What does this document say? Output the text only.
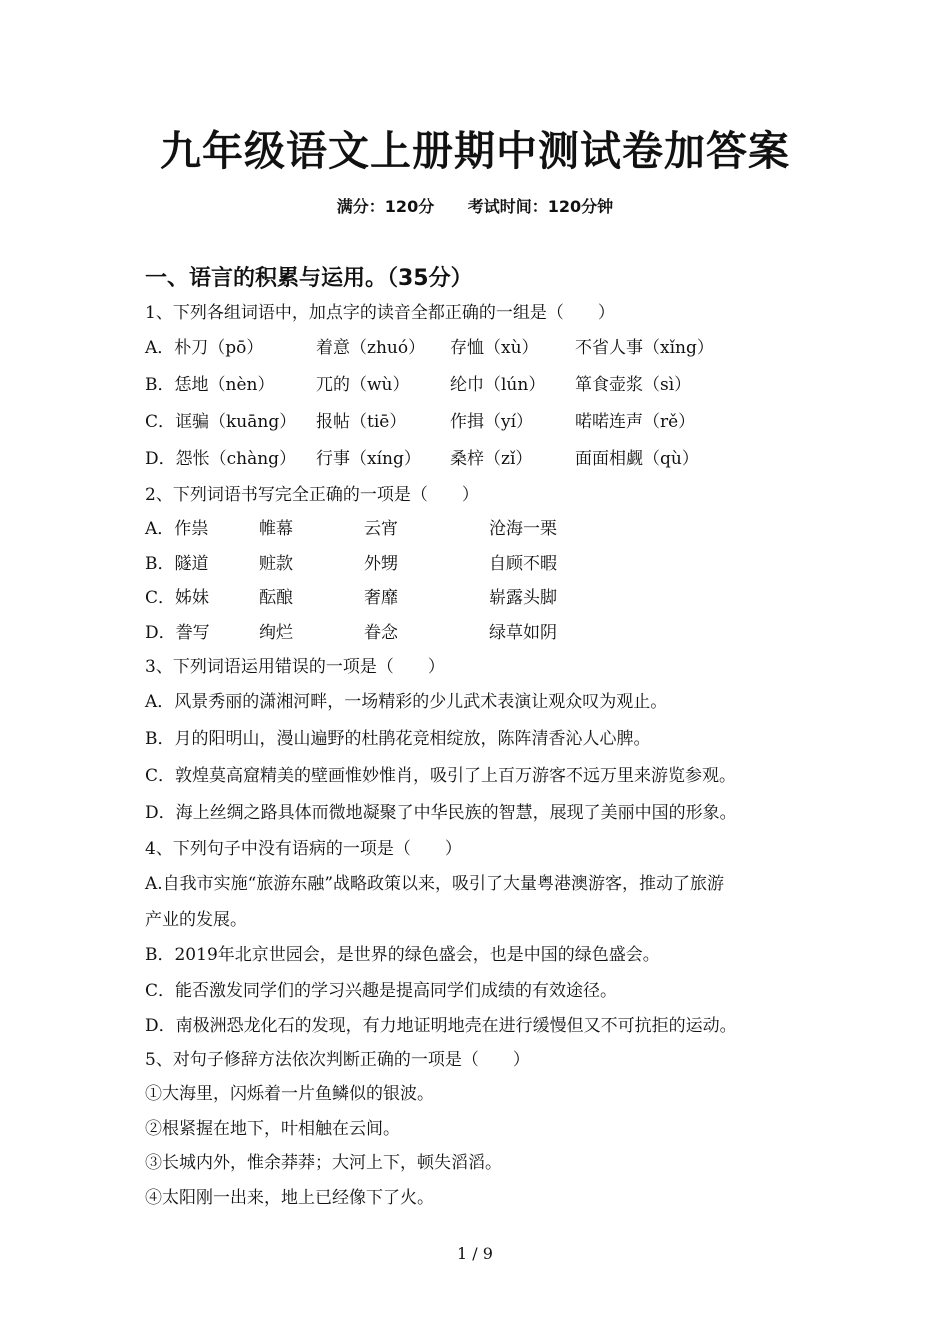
九年级语文上册期中测试卷加答案
满分：120分 考试时间：120分钟
一、语言的积累与运用。（35分）
1、下列各组词语中，加点字的读音全都正确的一组是（　　）
A．朴刀（pō）	着意（zhuó） 存恤（xù） 不省人事（xǐng）
B．恁地（nèn） 兀的（wù） 纶巾（lún） 箪食壶浆（sì）
C．诓骗（kuāng） 报帖（tiē）	作揖（yí） 喏喏连声（rě）
D．怨怅（chàng） 行事（xíng） 桑梓（zǐ）	面面相觑（qù）
2、下列词语书写完全正确的一项是（　　）
A．作祟	帷幕	云宵	沧海一栗
B．隧道	赃款	外甥	自顾不暇
C．姊妹	酝酿	奢靡	崭露头脚
D．誊写	绚烂	眷念	绿草如阴
3、下列词语运用错误的一项是（　　）
A．风景秀丽的潇湘河畔，一场精彩的少儿武术表演让观众叹为观止。
B．月的阳明山，漫山遍野的杜鹃花竞相绽放，陈阵清香沁人心脾。
C．敦煌莫高窟精美的壁画惟妙惟肖，吸引了上百万游客不远万里来游览参观。
D．海上丝绸之路具体而微地凝聚了中华民族的智慧，展现了美丽中国的形象。
4、下列句子中没有语病的一项是（　　）
A.自我市实施“旅游东融”战略政策以来，吸引了大量粤港澳游客，推动了旅游
产业的发展。
B．2019年北京世园会，是世界的绿色盛会，也是中国的绿色盛会。
C．能否激发同学们的学习兴趣是提高同学们成绩的有效途径。
D．南极洲恐龙化石的发现，有力地证明地壳在进行缓慢但又不可抗拒的运动。
5、对句子修辞方法依次判断正确的一项是（　　）
①大海里，闪烁着一片鱼鳞似的银波。
②根紧握在地下，叶相触在云间。
③长城内外，惟余莽莽；大河上下，顿失滔滔。
④太阳刚一出来，地上已经像下了火。
1 / 9
